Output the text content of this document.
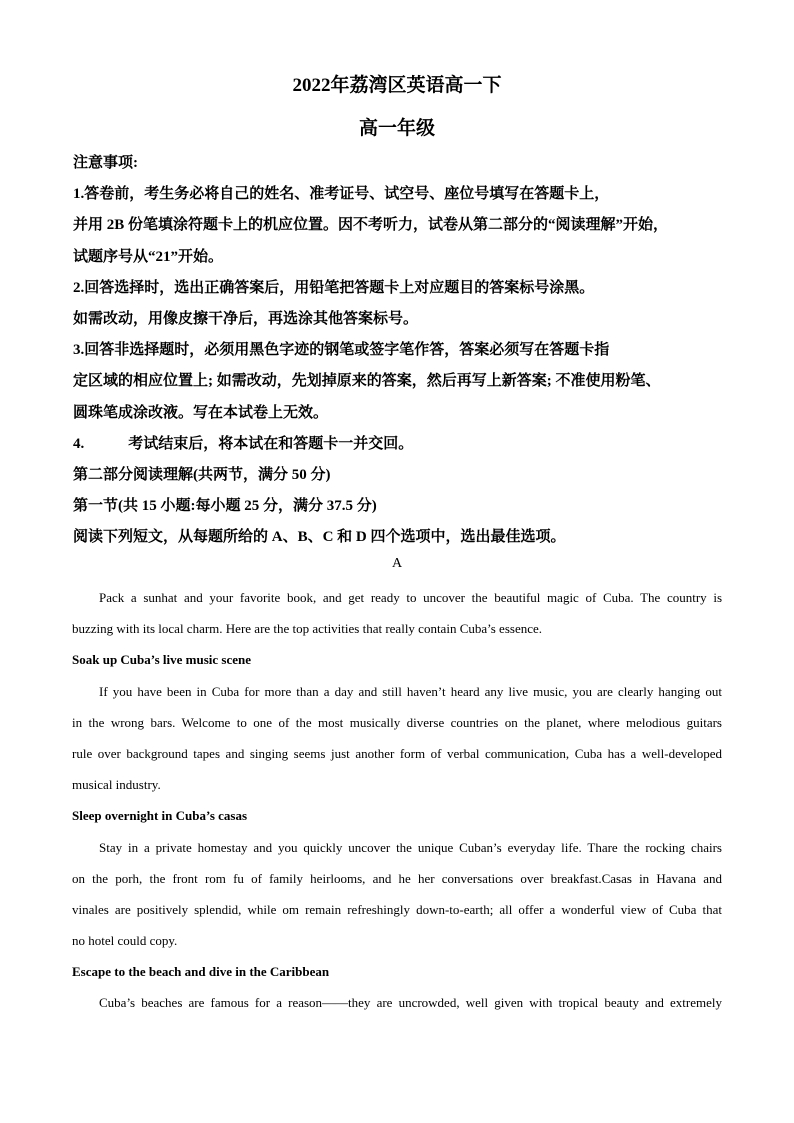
2022年荔湾区英语高一下
高一年级

注意事项:

1.答卷前，考生务必将自己的姓名、准考证号、试空号、座位号填写在答题卡上，

并用 2B 份笔填涂符题卡上的机应位置。因不考听力，试卷从第二部分的“阅读理解”开始，

试题序号从“21”开始。

2.回答选择时，选出正确答案后，用铅笔把答题卡上对应题目的答案标号涂黑。

如需改动，用像皮擦干净后，再选涂其他答案标号。

3.回答非选择题时，必须用黑色字迹的钢笔或签字笔作答，答案必须写在答题卡指

定区域的相应位置上; 如需改动，先划掉原来的答案，然后再写上新答案; 不准使用粉笔、

圆珠笔成涂改液。写在本试卷上无效。

4.	考试结束后，将本试在和答题卡一并交回。

第二部分阅读理解(共两节，满分 50 分)

第一节(共 15 小题:每小题 25 分，满分 37.5 分)

阅读下列短文，从每题所给的 A、B、C 和 D 四个选项中，选出最佳选项。

A

Pack a sunhat and your favorite book, and get ready to uncover the beautiful magic of Cuba. The country is

buzzing with its local charm. Here are the top activities that really contain Cuba’s essence.

Soak up Cuba’s live music scene

If you have been in Cuba for more than a day and still haven’t heard any live music, you are clearly hanging out

in the wrong bars. Welcome to one of the most musically diverse countries on the planet, where melodious guitars

rule over background tapes and singing seems just another form of verbal communication, Cuba has a well-developed

musical industry.

Sleep overnight in Cuba’s casas

Stay in a private homestay and you quickly uncover the unique Cuban’s everyday life. Thare the rocking chairs

on the porh, the front rom fu of family heirlooms, and he her conversations over breakfast.Casas in Havana and

vinales are positively splendid, while om remain refreshingly down-to-earth; all offer a wonderful view of Cuba that

no hotel could copy.

Escape to the beach and dive in the Caribbean

Cuba’s beaches are famous for a reason——they are uncrowded, well given with tropical beauty and extremely
